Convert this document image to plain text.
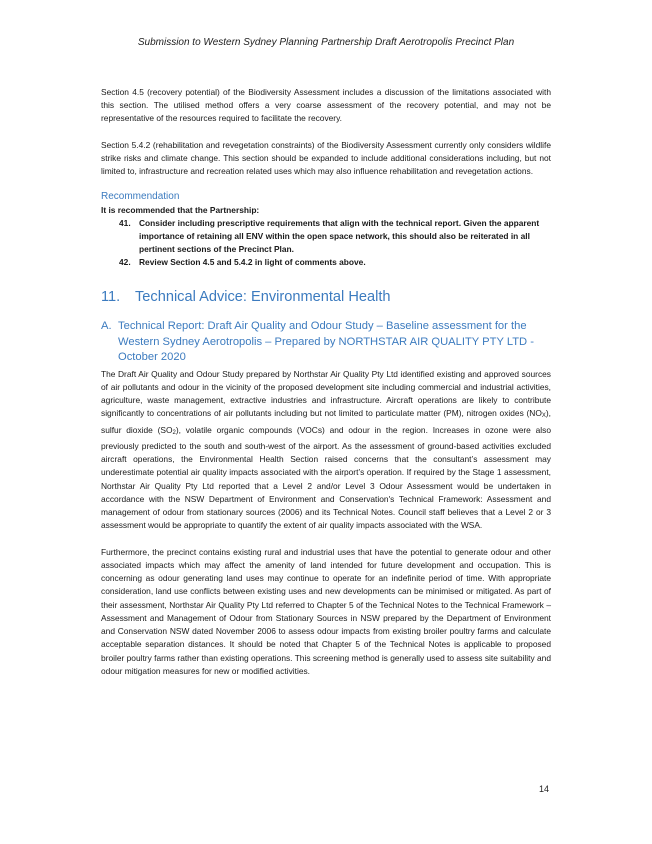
Submission to Western Sydney Planning Partnership Draft Aerotropolis Precinct Plan

Section 4.5 (recovery potential) of the Biodiversity Assessment includes a discussion of the limitations associated with this section. The utilised method offers a very coarse assessment of the recovery potential, and may not be representative of the resources required to facilitate the recovery.

Section 5.4.2 (rehabilitation and revegetation constraints) of the Biodiversity Assessment currently only considers wildlife strike risks and climate change. This section should be expanded to include additional considerations including, but not limited to, infrastructure and recreation related uses which may also influence rehabilitation and revegetation actions.

Recommendation
It is recommended that the Partnership:
41. Consider including prescriptive requirements that align with the technical report. Given the apparent importance of retaining all ENV within the open space network, this should also be reiterated in all pertinent sections of the Precinct Plan.
42. Review Section 4.5 and 5.4.2 in light of comments above.
11.	Technical Advice: Environmental Health
A. Technical Report: Draft Air Quality and Odour Study – Baseline assessment for the Western Sydney Aerotropolis – Prepared by NORTHSTAR AIR QUALITY PTY LTD - October 2020

The Draft Air Quality and Odour Study prepared by Northstar Air Quality Pty Ltd identified existing and approved sources of air pollutants and odour in the vicinity of the proposed development site including commercial and industrial activities, agriculture, waste management, extractive industries and infrastructure. Aircraft operations are likely to contribute significantly to concentrations of air pollutants including but not limited to particulate matter (PM), nitrogen oxides $(NO_X)$, sulfur dioxide $(SO_2)$, volatile organic compounds (VOCs) and odour in the region. Increases in ozone were also previously predicted to the south and south-west of the airport. As the assessment of ground-based activities excluded aircraft operations, the Environmental Health Section raised concerns that the consultant’s assessment may underestimate potential air quality impacts associated with the airport’s operation. If required by the Stage 1 assessment, Northstar Air Quality Pty Ltd reported that a Level 2 and/or Level 3 Odour Assessment would be undertaken in accordance with the NSW Department of Environment and Conservation's Technical Framework: Assessment and management of odour from stationary sources (2006) and its Technical Notes. Council staff believes that a Level 2 or 3 assessment would be appropriate to quantify the extent of air quality impacts associated with the WSA.

Furthermore, the precinct contains existing rural and industrial uses that have the potential to generate odour and other associated impacts which may affect the amenity of land intended for future development and occupation. This is concerning as odour generating land uses may continue to operate for an indefinite period of time. With appropriate consideration, land use conflicts between existing uses and new developments can be minimised or mitigated. As part of their assessment, Northstar Air Quality Pty Ltd referred to Chapter 5 of the Technical Notes to the Technical Framework – Assessment and Management of Odour from Stationary Sources in NSW prepared by the Department of Environment and Conservation NSW dated November 2006 to assess odour impacts from existing broiler poultry farms and calculate acceptable separation distances. It should be noted that Chapter 5 of the Technical Notes is applicable to proposed broiler poultry farms rather than existing operations. This screening method is generally used to assess site suitability and odour mitigation measures for new or modified activities.

14
